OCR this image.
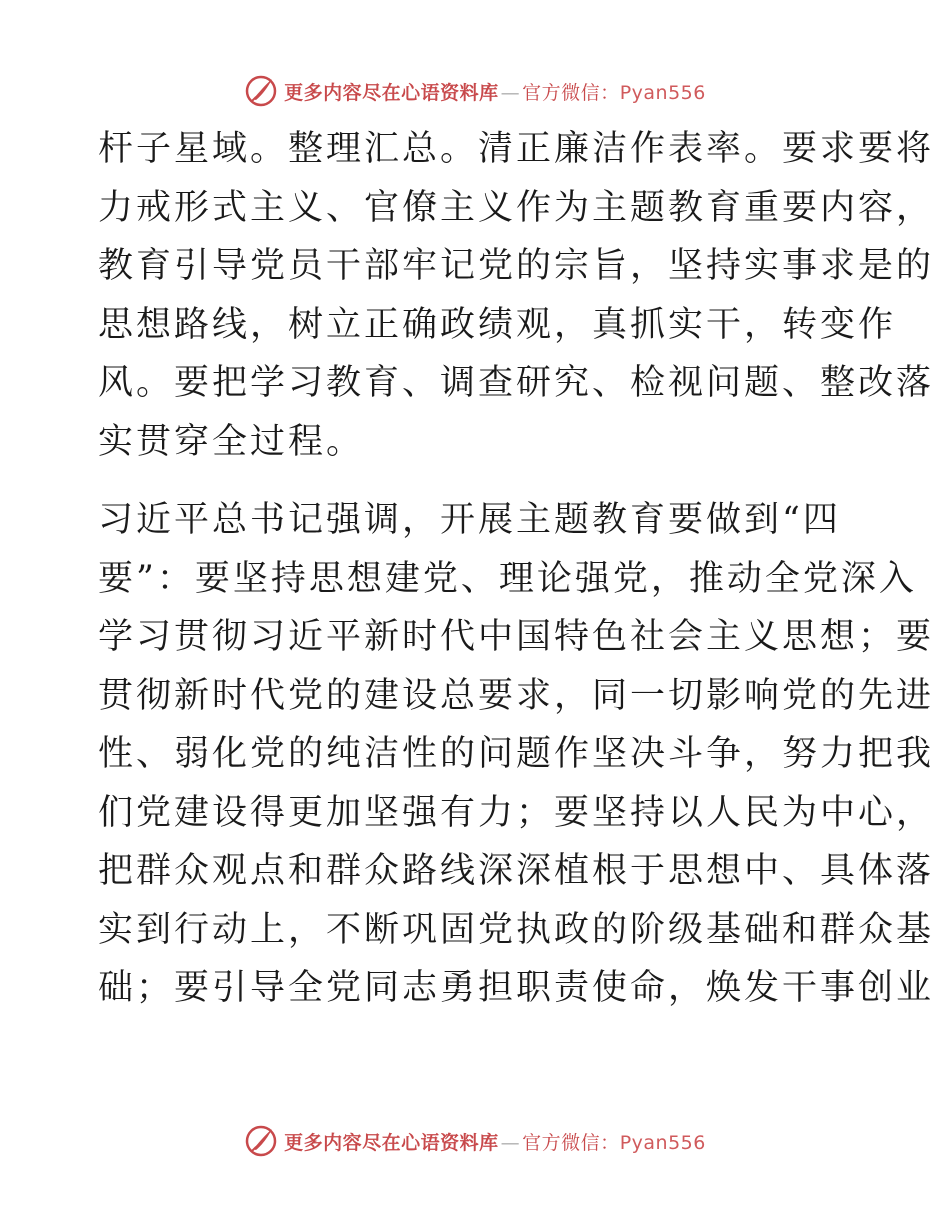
更多内容尽在心语资料库 — 官方微信：Pyan556

杆子星域。整理汇总。清正廉洁作表率。要求要将
力戒形式主义、官僚主义作为主题教育重要内容，
教育引导党员干部牢记党的宗旨，坚持实事求是的
思想路线，树立正确政绩观，真抓实干，转变作
风。要把学习教育、调查研究、检视问题、整改落
实贯穿全过程。

习近平总书记强调，开展主题教育要做到“四
要”：要坚持思想建党、理论强党，推动全党深入
学习贯彻习近平新时代中国特色社会主义思想；要
贯彻新时代党的建设总要求，同一切影响党的先进
性、弱化党的纯洁性的问题作坚决斗争，努力把我
们党建设得更加坚强有力；要坚持以人民为中心，
把群众观点和群众路线深深植根于思想中、具体落
实到行动上，不断巩固党执政的阶级基础和群众基
础；要引导全党同志勇担职责使命，焕发干事创业

更多内容尽在心语资料库 — 官方微信：Pyan556
